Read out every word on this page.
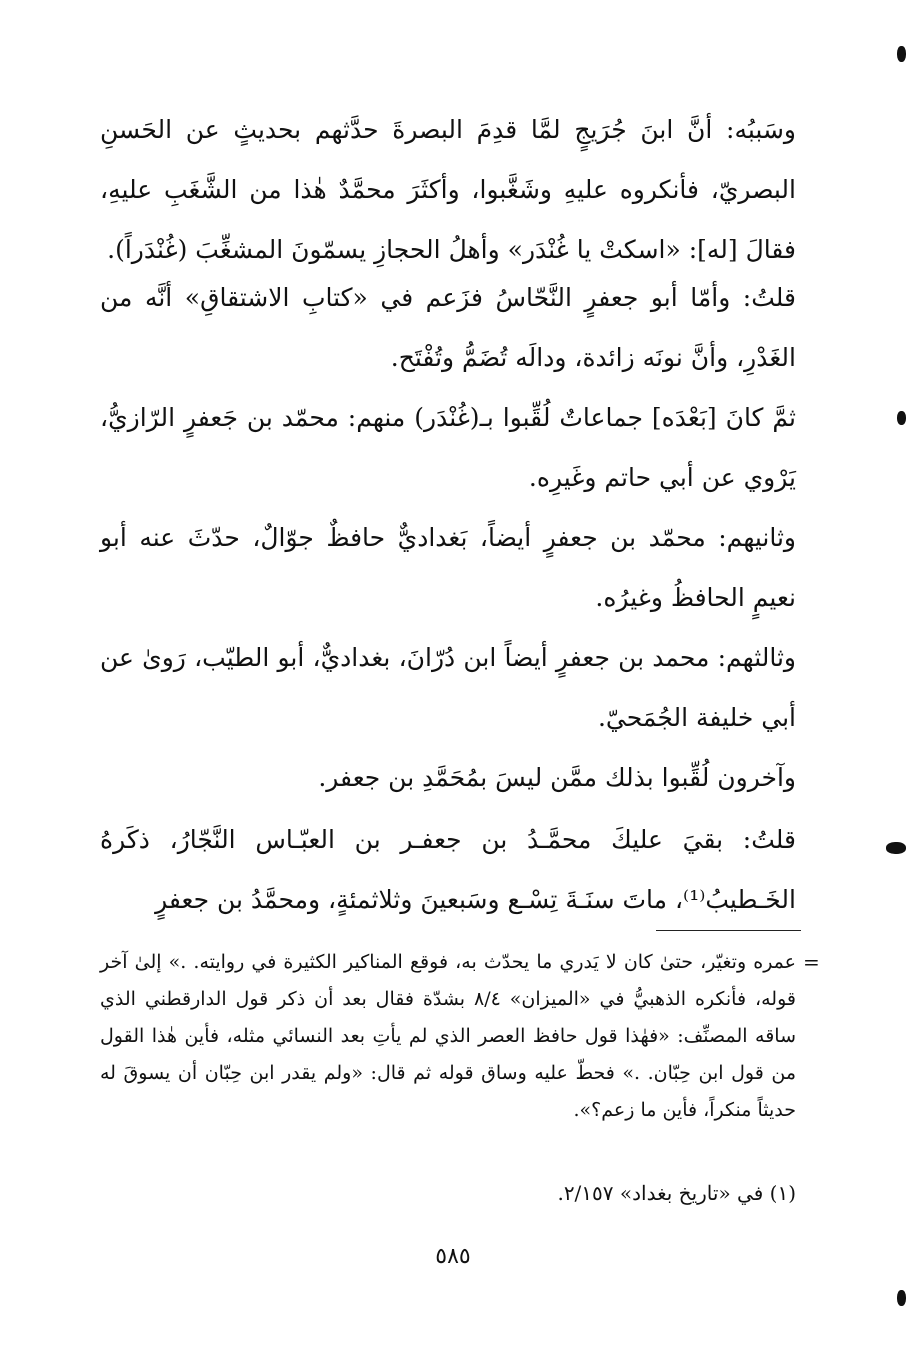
وسَببُه: أنَّ ابنَ جُرَيجٍ لمَّا قدِمَ البصرةَ حدَّثهم بحديثٍ عن الحَسنِ البصريّ، فأنكروه عليهِ وشَغَّبوا، وأكثَرَ محمَّدٌ هٰذا من الشَّغَبِ عليهِ، فقالَ [له]: «اسكتْ يا غُنْدَر» وأهلُ الحجازِ يسمّونَ المشغِّبَ (غُنْدَراً).

قلتُ: وأمّا أبو جعفرٍ النَّحّاسُ فزَعم في «كتابِ الاشتقاقِ» أنَّه من الغَدْرِ، وأنَّ نونَه زائدة، ودالَه تُضَمُّ وتُفْتَح.

ثمَّ كانَ [بَعْدَه] جماعاتٌ لُقِّبوا بـ(غُنْدَر) منهم: محمّد بن جَعفرٍ الرّازيُّ، يَرْوي عن أبي حاتم وغَيرِه.

وثانيهم: محمّد بن جعفرٍ أيضاً، بَغداديٌّ حافظٌ جوّالٌ، حدّثَ عنه أبو نعيمٍ الحافظُ وغيرُه.

وثالثهم: محمد بن جعفرٍ أيضاً ابن دُرّانَ، بغداديٌّ، أبو الطيّب، رَوىٰ عن أبي خليفة الجُمَحيّ.

وآخرون لُقِّبوا بذلك ممَّن ليسَ بمُحَمَّدِ بن جعفر.

قلتُ: بقيَ عليكَ محمَّـدُ بن جعفـر بن العبّـاس النَّجّارُ، ذكَرهُ الخَـطيبُ⁽¹⁾، ماتَ سنَـةَ تِسْـع وسَبعينَ وثلاثمئةٍ، ومحمَّدُ بن جعفرٍ

=
عمره وتغيّر، حتىٰ كان لا يَدري ما يحدّث به، فوقع المناكير الكثيرة في روايته. .» إلىٰ آخر قوله، فأنكره الذهبيُّ في «الميزان» ٨/٤ بشدّة فقال بعد أن ذكر قول الدارقطني الذي ساقه المصنِّف: «فهٰذا قول حافظ العصر الذي لم يأتِ بعد النسائي مثله، فأين هٰذا القول من قول ابن حِبّان. .» فحطّ عليه وساق قوله ثم قال: «ولم يقدر ابن حِبّان أن يسوقَ له حديثاً منكراً، فأين ما زعم؟».
(١) في «تاريخ بغداد» ٢/١٥٧.
٥٨٥
